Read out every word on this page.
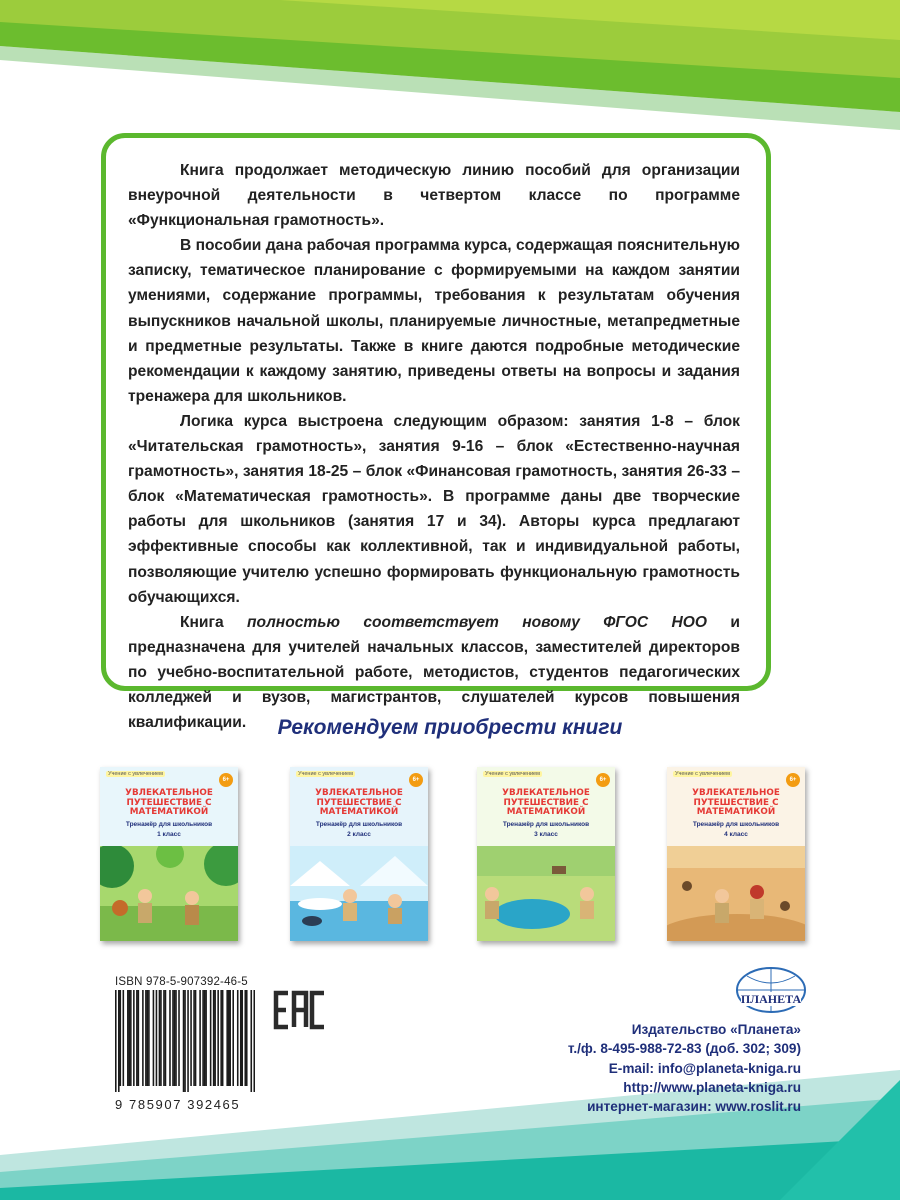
Книга продолжает методическую линию пособий для организации внеурочной деятельности в четвертом классе по программе «Функциональная грамотность».

В пособии дана рабочая программа курса, содержащая пояснительную записку, тематическое планирование с формируемыми на каждом занятии умениями, содержание программы, требования к результатам обучения выпускников начальной школы, планируемые личностные, метапредметные и предметные результаты. Также в книге даются подробные методические рекомендации к каждому занятию, приведены ответы на вопросы и задания тренажера для школьников.

Логика курса выстроена следующим образом: занятия 1-8 – блок «Читательская грамотность», занятия 9-16 – блок «Естественно-научная грамотность», занятия 18-25 – блок «Финансовая грамотность, занятия 26-33 – блок «Математическая грамотность». В программе даны две творческие работы для школьников (занятия 17 и 34). Авторы курса предлагают эффективные способы как коллективной, так и индивидуальной работы, позволяющие учителю успешно формировать функциональную грамотность обучающихся.

Книга полностью соответствует новому ФГОС НОО и предназначена для учителей начальных классов, заместителей директоров по учебно-воспитательной работе, методистов, студентов педагогических колледжей и вузов, магистрантов, слушателей курсов повышения квалификации.	Рекомендуем приобрести книги
Учение с увлечением
6+
УВЛЕКАТЕЛЬНОЕ ПУТЕШЕСТВИЕ С МАТЕМАТИКОЙ
Тренажёр для школьников
1 класс
Учение с увлечением
6+
УВЛЕКАТЕЛЬНОЕ ПУТЕШЕСТВИЕ С МАТЕМАТИКОЙ
Тренажёр для школьников
2 класс
Учение с увлечением
6+
УВЛЕКАТЕЛЬНОЕ ПУТЕШЕСТВИЕ С МАТЕМАТИКОЙ
Тренажёр для школьников
3 класс
Учение с увлечением
6+
УВЛЕКАТЕЛЬНОЕ ПУТЕШЕСТВИЕ С МАТЕМАТИКОЙ
Тренажёр для школьников
4 класс
ISBN 978-5-907392-46-5
9 785907 392465
ПЛАНЕТА
Издательство «Планета»
т./ф. 8-495-988-72-83 (доб. 302; 309)
E-mail: info@planeta-kniga.ru
http://www.planeta-kniga.ru
интернет-магазин: www.roslit.ru
